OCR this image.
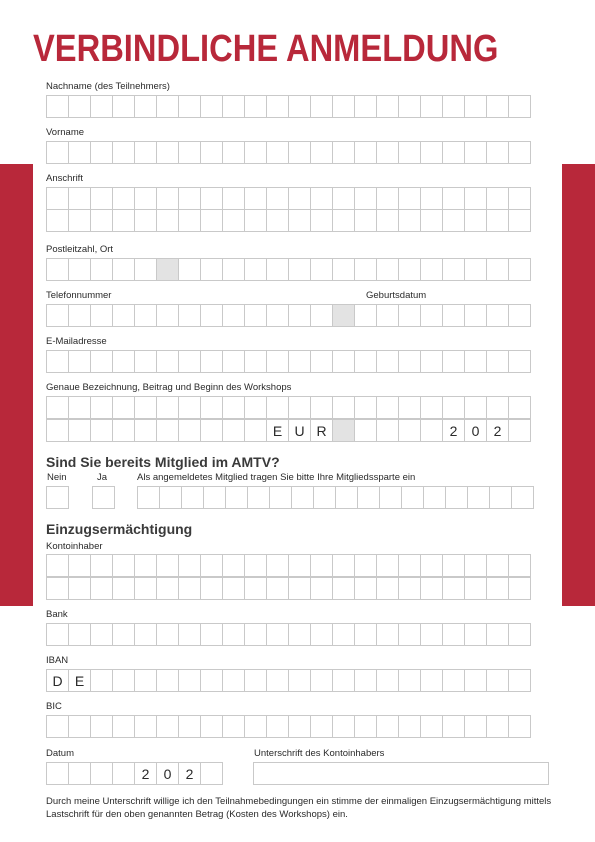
VERBINDLICHE ANMELDUNG
Nachname (des Teilnehmers)
Vorname
Anschrift
Postleitzahl, Ort
Telefonnummer	Geburtsdatum
E-Mailadresse
Genaue Bezeichnung, Beitrag und Beginn des Workshops
E U R	2	0	2
Sind Sie bereits Mitglied im AMTV?
Nein	Ja	Als angemeldetes Mitglied tragen Sie bitte Ihre Mitgliedssparte ein
Einzugsermächtigung
Kontoinhaber
Bank
IBAN
D E
BIC
Datum	Unterschrift des Kontoinhabers
2	0	2

Durch meine Unterschrift willige ich den Teilnahmebedingungen ein stimme der einmaligen Einzugsermächtigung mittels Lastschrift für den oben genannten Betrag (Kosten des Workshops) ein.
